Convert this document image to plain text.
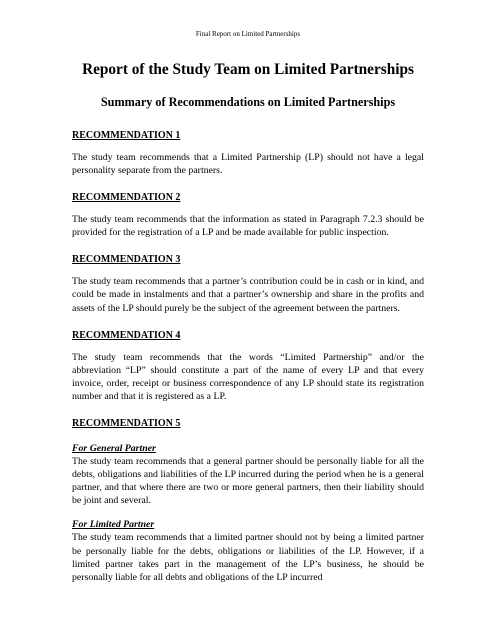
Final Report on Limited Partnerships
Report of the Study Team on Limited Partnerships
Summary of Recommendations on Limited Partnerships
RECOMMENDATION 1

The study team recommends that a Limited Partnership (LP) should not have a legal personality separate from the partners.

RECOMMENDATION 2

The study team recommends that the information as stated in Paragraph 7.2.3 should be provided for the registration of a LP and be made available for public inspection.

RECOMMENDATION 3

The study team recommends that a partner’s contribution could be in cash or in kind, and could be made in instalments and that a partner’s ownership and share in the profits and assets of the LP should purely be the subject of the agreement between the partners.

RECOMMENDATION 4

The study team recommends that the words “Limited Partnership” and/or the abbreviation “LP” should constitute a part of the name of every LP and that every invoice, order, receipt or business correspondence of any LP should state its registration number and that it is registered as a LP.

RECOMMENDATION 5
For General Partner

The study team recommends that a general partner should be personally liable for all the debts, obligations and liabilities of the LP incurred during the period when he is a general partner, and that where there are two or more general partners, then their liability should be joint and several.

For Limited Partner

The study team recommends that a limited partner should not by being a limited partner be personally liable for the debts, obligations or liabilities of the LP. However, if a limited partner takes part in the management of the LP’s business, he should be personally liable for all debts and obligations of the LP incurred
